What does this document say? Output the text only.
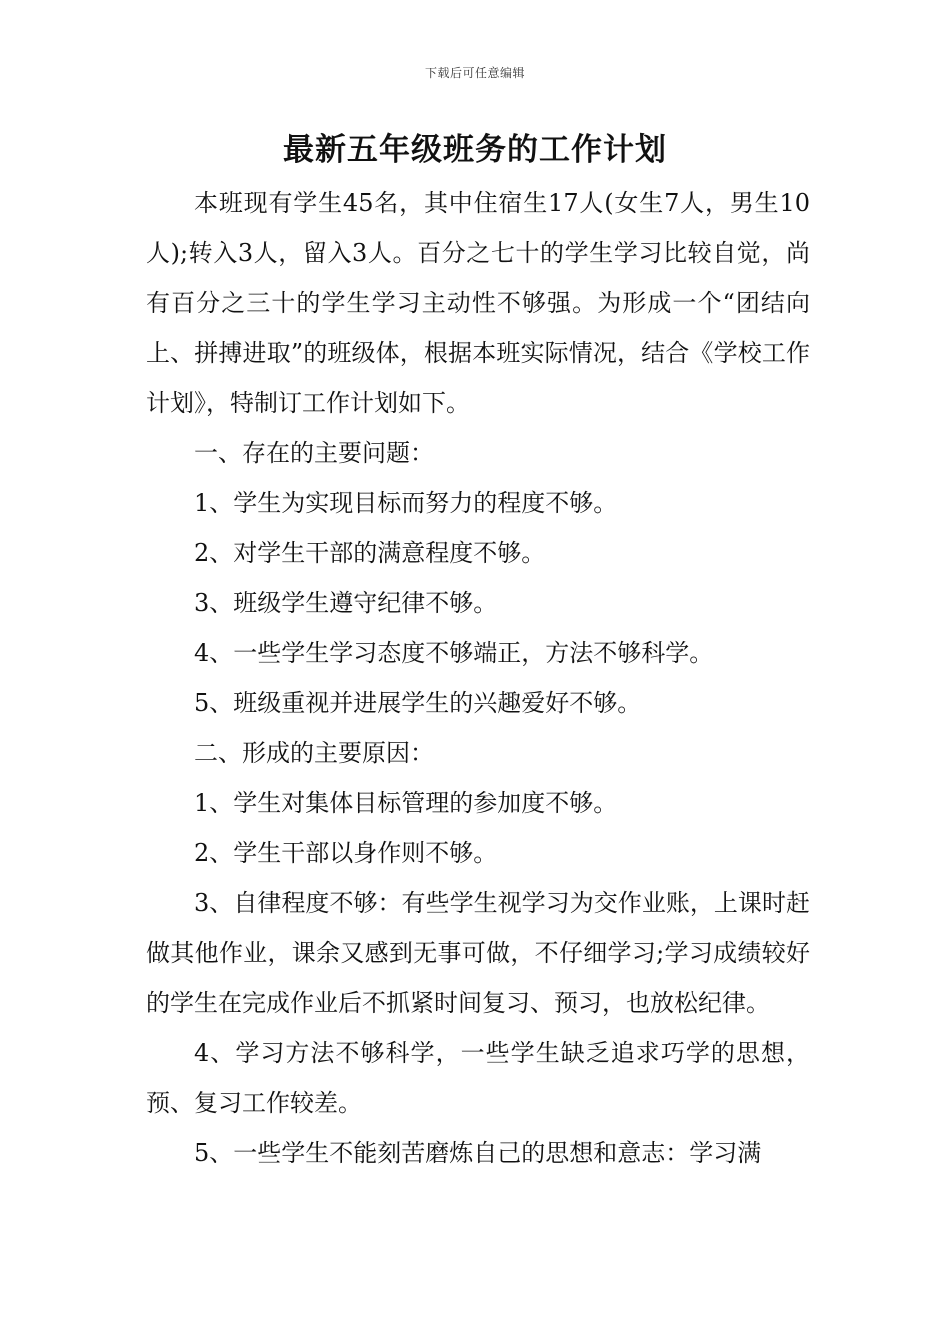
下载后可任意编辑
最新五年级班务的工作计划

本班现有学生45名，其中住宿生17人(女生7人，男生10人);转入3人，留入3人。百分之七十的学生学习比较自觉，尚有百分之三十的学生学习主动性不够强。为形成一个“团结向上、拼搏进取”的班级体，根据本班实际情况，结合《学校工作计划》，特制订工作计划如下。

一、存在的主要问题：

1、学生为实现目标而努力的程度不够。

2、对学生干部的满意程度不够。

3、班级学生遵守纪律不够。

4、一些学生学习态度不够端正，方法不够科学。

5、班级重视并进展学生的兴趣爱好不够。

二、形成的主要原因：

1、学生对集体目标管理的参加度不够。

2、学生干部以身作则不够。

3、自律程度不够：有些学生视学习为交作业账，上课时赶做其他作业，课余又感到无事可做，不仔细学习;学习成绩较好的学生在完成作业后不抓紧时间复习、预习，也放松纪律。

4、学习方法不够科学，一些学生缺乏追求巧学的思想，预、复习工作较差。

5、一些学生不能刻苦磨炼自己的思想和意志：学习满
